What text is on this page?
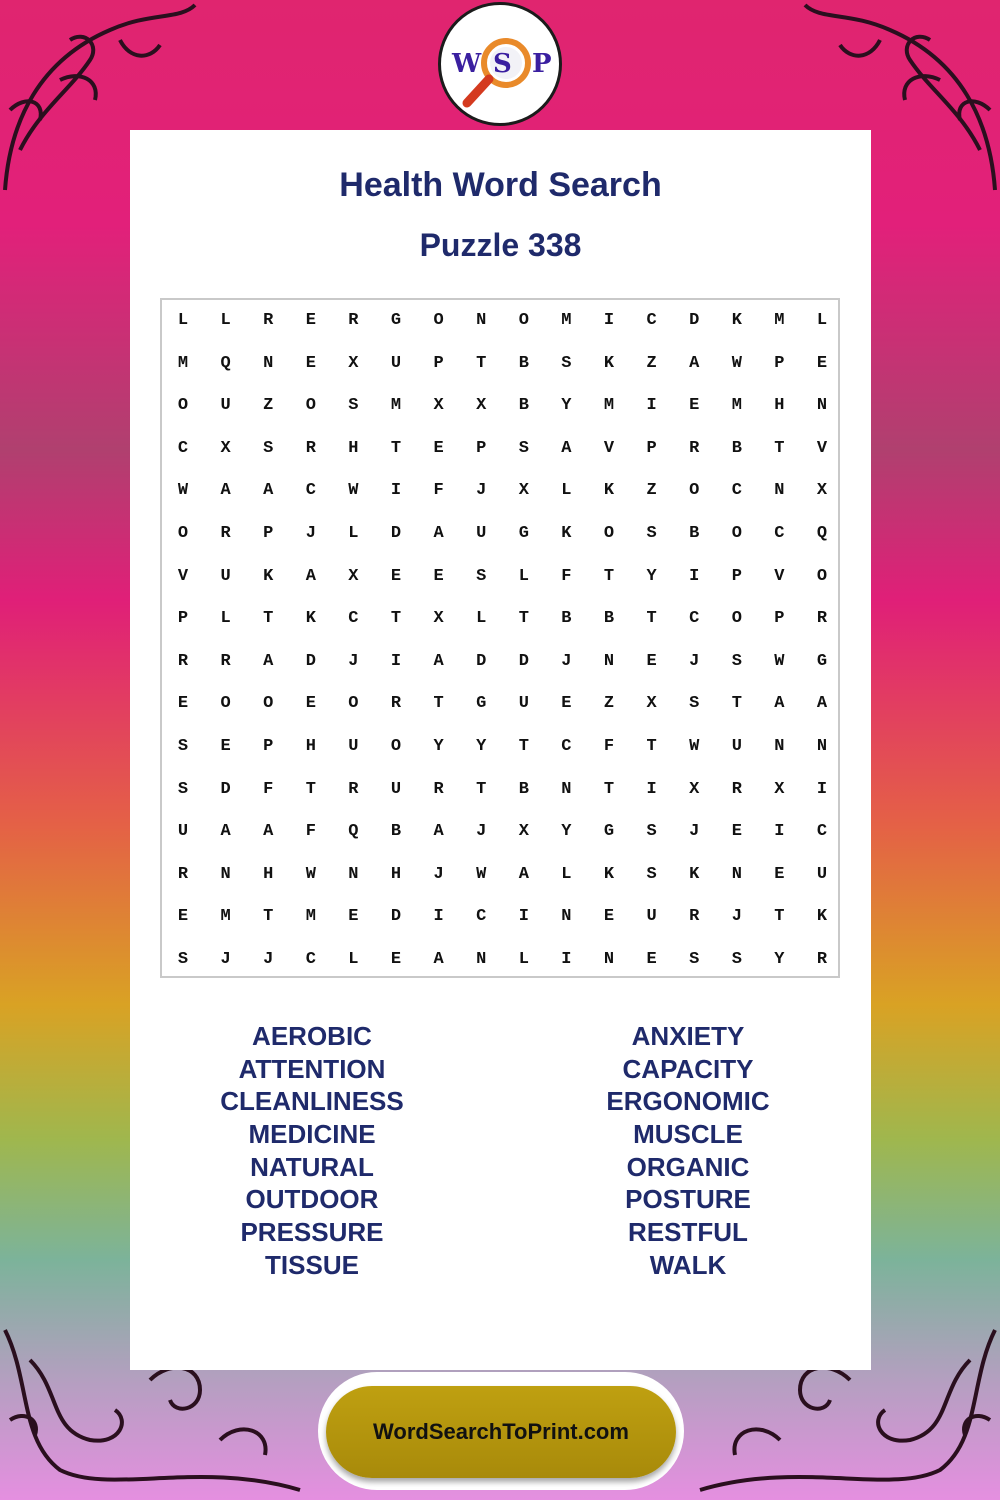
W S P
Health Word Search
Puzzle 338
L	L	R	E	R	G	O	N	O	M	I	C	D	K	M	L
M	Q	N	E	X	U	P	T	B	S	K	Z	A	W	P	E
O	U	Z	O	S	M	X	X	B	Y	M	I	E	M	H	N
C	X	S	R	H	T	E	P	S	A	V	P	R	B	T	V
W	A	A	C	W	I	F	J	X	L	K	Z	O	C	N	X
O	R	P	J	L	D	A	U	G	K	O	S	B	O	C	Q
V	U	K	A	X	E	E	S	L	F	T	Y	I	P	V	O
P	L	T	K	C	T	X	L	T	B	B	T	C	O	P	R
R	R	A	D	J	I	A	D	D	J	N	E	J	S	W	G
E	O	O	E	O	R	T	G	U	E	Z	X	S	T	A	A
S	E	P	H	U	O	Y	Y	T	C	F	T	W	U	N	N
S	D	F	T	R	U	R	T	B	N	T	I	X	R	X	I
U	A	A	F	Q	B	A	J	X	Y	G	S	J	E	I	C
R	N	H	W	N	H	J	W	A	L	K	S	K	N	E	U
E	M	T	M	E	D	I	C	I	N	E	U	R	J	T	K
S	J	J	C	L	E	A	N	L	I	N	E	S	S	Y	R
AEROBIC
ATTENTION
CLEANLINESS
MEDICINE
NATURAL
OUTDOOR
PRESSURE
TISSUE
ANXIETY
CAPACITY
ERGONOMIC
MUSCLE
ORGANIC
POSTURE
RESTFUL
WALK
WordSearchToPrint.com
